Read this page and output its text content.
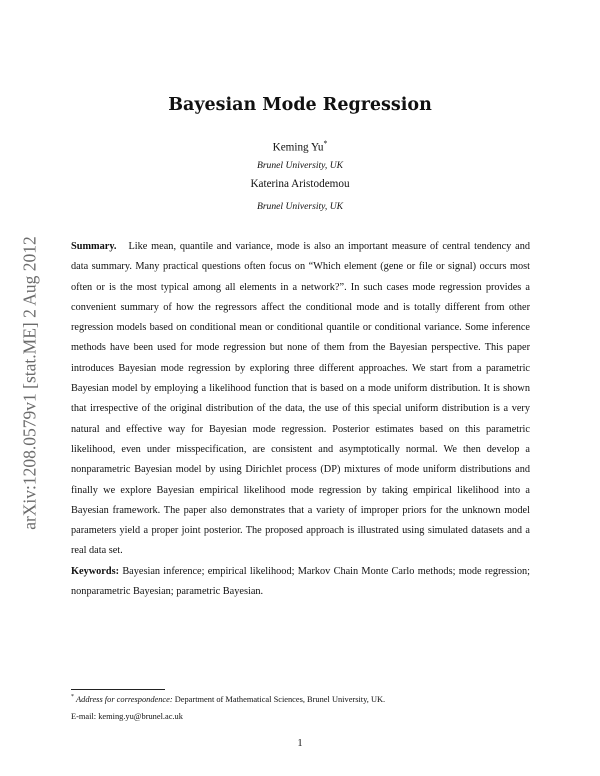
arXiv:1208.0579v1 [stat.ME] 2 Aug 2012
Bayesian Mode Regression
Keming Yu*
Brunel University, UK
Katerina Aristodemou
Brunel University, UK

Summary. Like mean, quantile and variance, mode is also an important measure of central tendency and data summary. Many practical questions often focus on “Which element (gene or file or signal) occurs most often or is the most typical among all elements in a network?”. In such cases mode regression provides a convenient summary of how the regressors affect the conditional mode and is totally different from other regression models based on conditional mean or conditional quantile or conditional variance. Some inference methods have been used for mode regression but none of them from the Bayesian perspective. This paper introduces Bayesian mode regression by exploring three different approaches. We start from a parametric Bayesian model by employing a likelihood function that is based on a mode uniform distribution. It is shown that irrespective of the original distribution of the data, the use of this special uniform distribution is a very natural and effective way for Bayesian mode regression. Posterior estimates based on this parametric likelihood, even under misspecification, are consistent and asymptotically normal. We then develop a nonparametric Bayesian model by using Dirichlet process (DP) mixtures of mode uniform distributions and finally we explore Bayesian empirical likelihood mode regression by taking empirical likelihood into a Bayesian framework. The paper also demonstrates that a variety of improper priors for the unknown model parameters yield a proper joint posterior. The proposed approach is illustrated using simulated datasets and a real data set.

Keywords: Bayesian inference; empirical likelihood; Markov Chain Monte Carlo methods; mode regression; nonparametric Bayesian; parametric Bayesian.

* Address for correspondence: Department of Mathematical Sciences, Brunel University, UK.
E-mail: keming.yu@brunel.ac.uk
1
